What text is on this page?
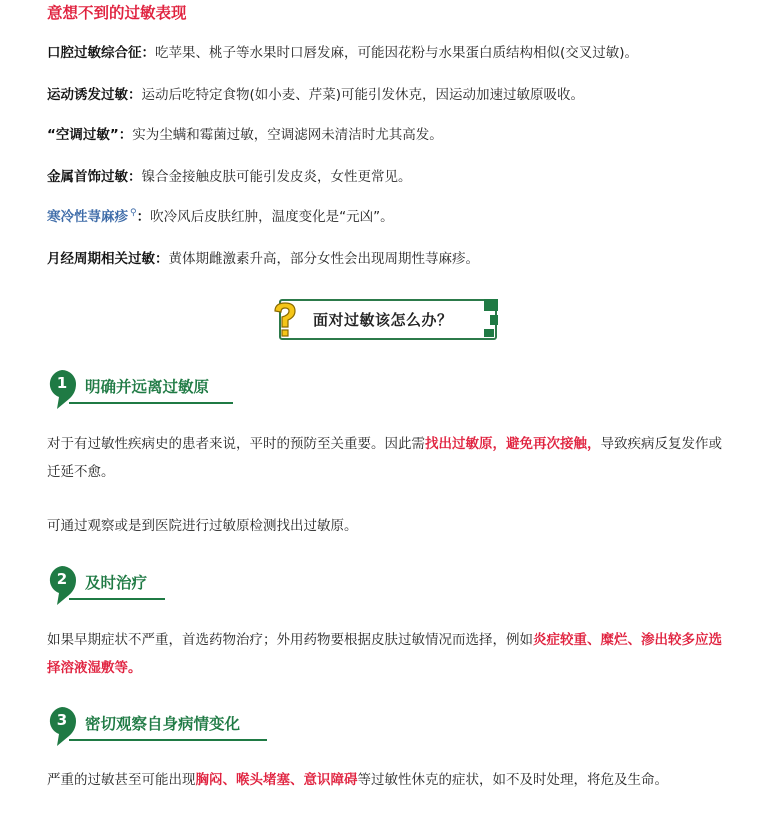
意想不到的过敏表现
口腔过敏综合征：吃苹果、桃子等水果时口唇发麻，可能因花粉与水果蛋白质结构相似(交叉过敏)。
运动诱发过敏：运动后吃特定食物(如小麦、芹菜)可能引发休克，因运动加速过敏原吸收。
“空调过敏”：实为尘螨和霉菌过敏，空调滤网未清洁时尤其高发。
金属首饰过敏：镍合金接触皮肤可能引发皮炎，女性更常见。
寒冷性荨麻疹 ⚲：吹冷风后皮肤红肿，温度变化是“元凶”。
月经周期相关过敏：黄体期雌激素升高，部分女性会出现周期性荨麻疹。
面对过敏该怎么办？
1	明确并远离过敏原
对于有过敏性疾病史的患者来说，平时的预防至关重要。因此需找出过敏原，避免再次接触，导致疾病反复发作或迁延不愈。
可通过观察或是到医院进行过敏原检测找出过敏原。
2	及时治疗
如果早期症状不严重，首选药物治疗；外用药物要根据皮肤过敏情况而选择，例如炎症较重、糜烂、渗出较多应选择溶液湿敷等。
3	密切观察自身病情变化
严重的过敏甚至可能出现胸闷、喉头堵塞、意识障碍等过敏性休克的症状，如不及时处理，将危及生命。
